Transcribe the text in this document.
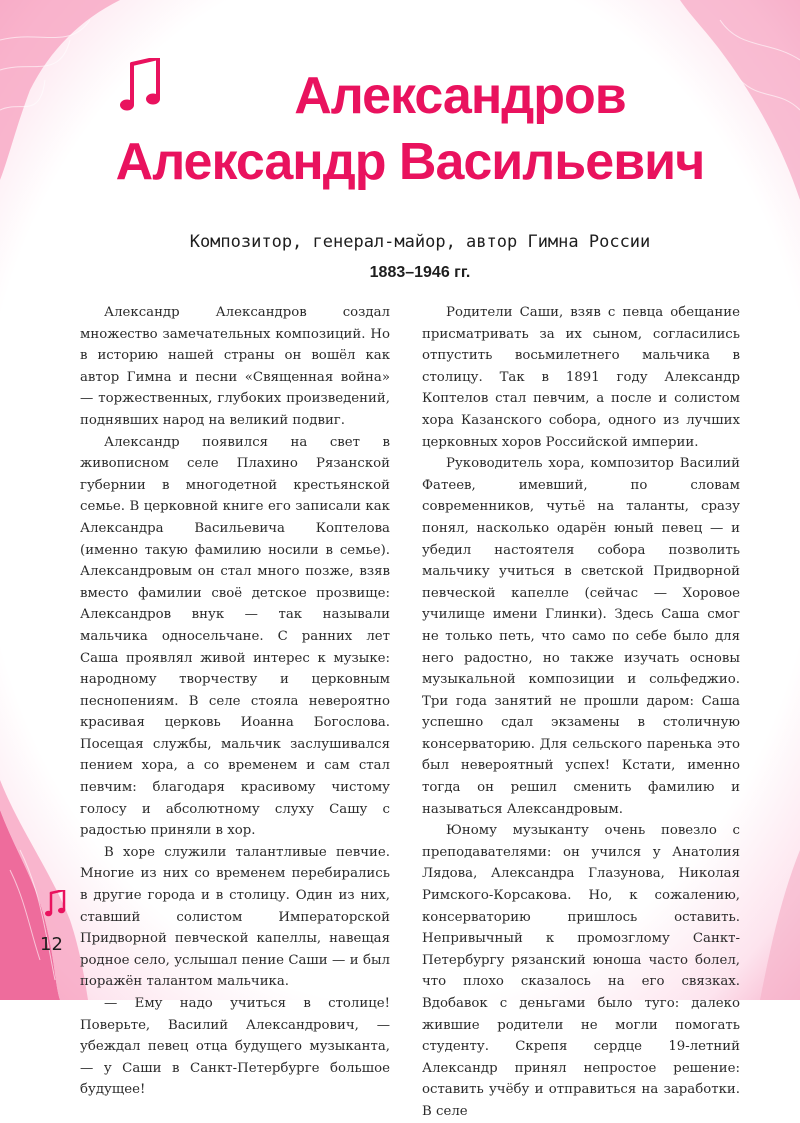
Александров
Александр Васильевич

Композитор, генерал-майор, автор Гимна России

1883–1946 гг.

Александр Александров создал множество замечательных композиций. Но в историю нашей страны он вошёл как автор Гимна и песни «Священная война» — торжественных, глубоких произведений, поднявших народ на великий подвиг.

Александр появился на свет в живописном селе Плахино Рязанской губернии в многодетной крестьянской семье. В церковной книге его записали как Александра Васильевича Коптелова (именно такую фамилию носили в семье). Александровым он стал много позже, взяв вместо фамилии своё детское прозвище: Александров внук — так называли мальчика односельчане. С ранних лет Саша проявлял живой интерес к музыке: народному творчеству и церковным песнопениям. В селе стояла невероятно красивая церковь Иоанна Богослова. Посещая службы, мальчик заслушивался пением хора, а со временем и сам стал певчим: благодаря красивому чистому голосу и абсолютному слуху Сашу с радостью приняли в хор.

В хоре служили талантливые певчие. Многие из них со временем перебирались в другие города и в столицу. Один из них, ставший солистом Императорской Придворной певческой капеллы, навещая родное село, услышал пение Саши — и был поражён талантом мальчика.

— Ему надо учиться в столице! Поверьте, Василий Александрович, — убеждал певец отца будущего музыканта, — у Саши в Санкт-Петербурге большое будущее!

Родители Саши, взяв с певца обещание присматривать за их сыном, согласились отпустить восьмилетнего мальчика в столицу. Так в 1891 году Александр Коптелов стал певчим, а после и солистом хора Казанского собора, одного из лучших церковных хоров Российской империи.

Руководитель хора, композитор Василий Фатеев, имевший, по словам современников, чутьё на таланты, сразу понял, насколько одарён юный певец — и убедил настоятеля собора позволить мальчику учиться в светской Придворной певческой капелле (сейчас — Хоровое училище имени Глинки). Здесь Саша смог не только петь, что само по себе было для него радостно, но также изучать основы музыкальной композиции и сольфеджио. Три года занятий не прошли даром: Саша успешно сдал экзамены в столичную консерваторию. Для сельского паренька это был невероятный успех! Кстати, именно тогда он решил сменить фамилию и называться Александровым.

Юному музыканту очень повезло с преподавателями: он учился у Анатолия Лядова, Александра Глазунова, Николая Римского-Корсакова. Но, к сожалению, консерваторию пришлось оставить. Непривычный к промозглому Санкт-Петербургу рязанский юноша часто болел, что плохо сказалось на его связках. Вдобавок с деньгами было туго: далеко жившие родители не могли помогать студенту. Скрепя сердце 19-летний Александр принял непростое решение: оставить учёбу и отправиться на заработки. В селе

12
